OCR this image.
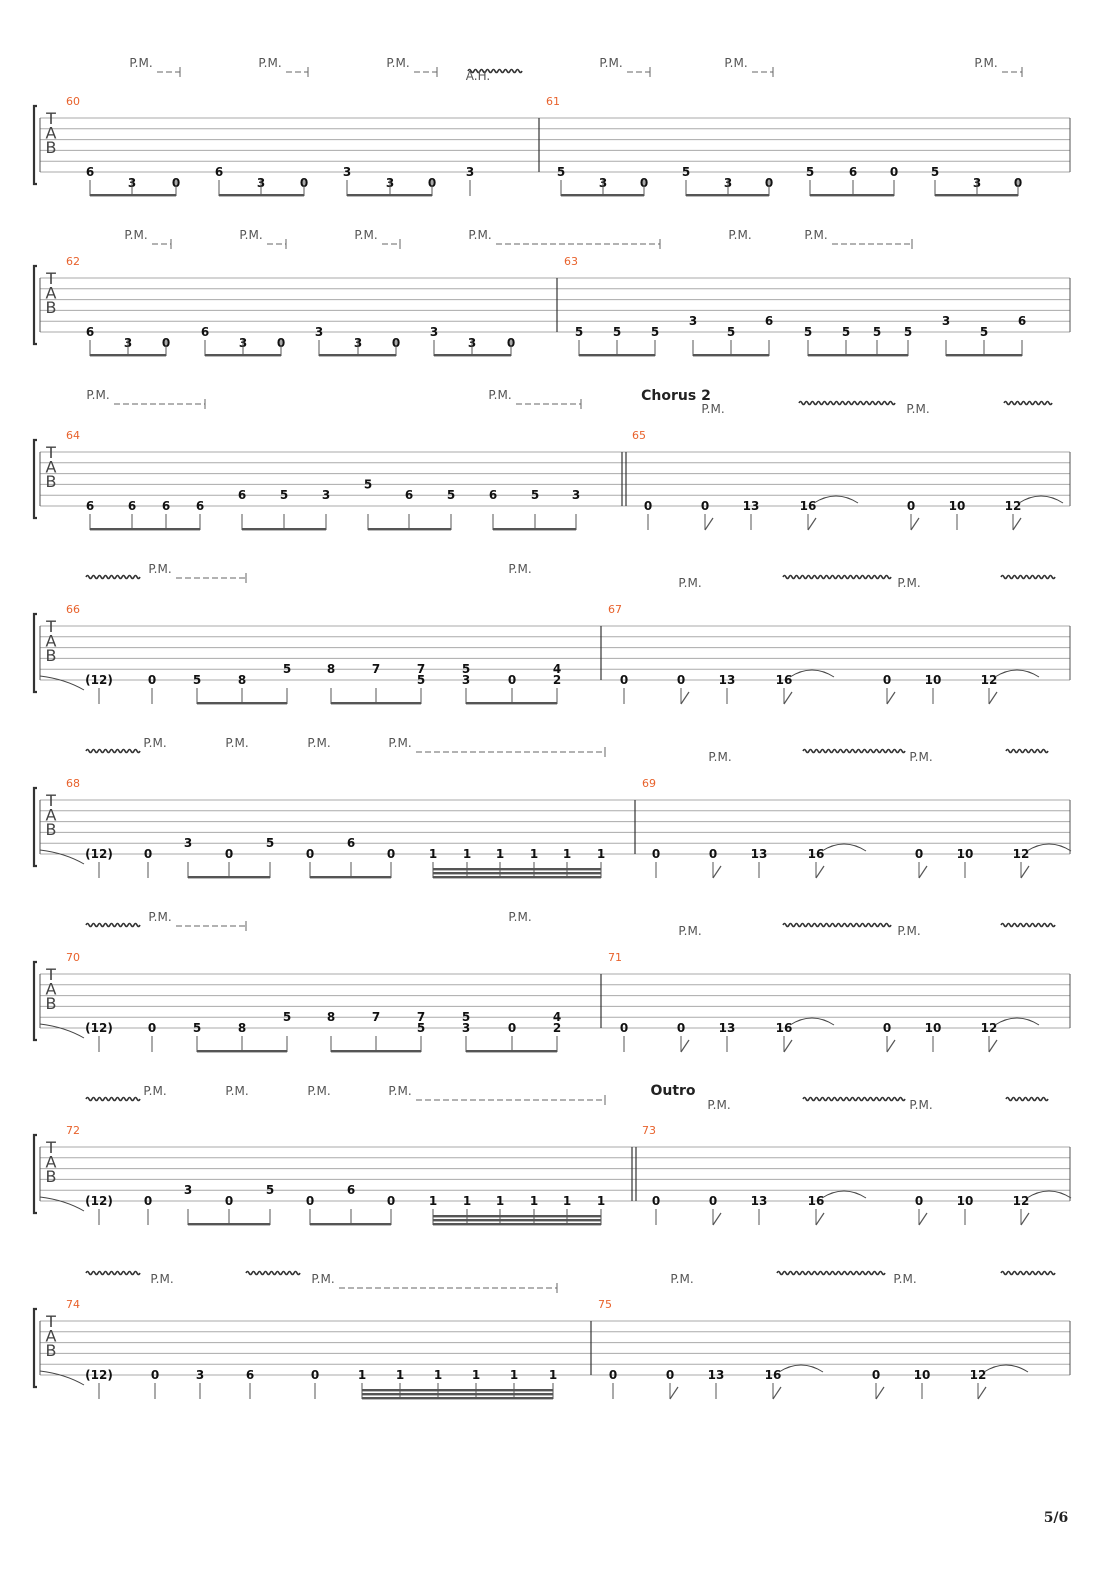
T
A
B
60	61
6
3	0
6
3	0
3
3	0
3	5
3	0
5
3	0
5	6	0	5
3	0
P.M.	P.M.	P.M.	P.M.	P.M.	P.M.
T
A
B
62	63
6
3 0
6
3 0
3
3 0
3
3	0
5 5 5
3
5
6
5 5 5 5
3
5
6
P.M.	P.M.	P.M.	P.M.	P.M.	P.M.
T
A
B
64	65
Chorus 2
6	6 6 6
6	5	3
5
6	5	6	5	3
0	0	13	16	0	10	12
P.M.	P.M.
P.M.	P.M.
T
A
B
66	67
(12)	0	5	8
5	8	7	7
5
5
3	0
4
2	0	0	13	16	0	10	12
P.M.	P.M.
P.M.	P.M.
T
A
B
68	69
(12)	0
3
0
5
0
6
0	1 1 1 1 1 1	0	0	13	16	0	10	12
P.M.	P.M.	P.M.	P.M.
P.M.	P.M.
T
A
B
70	71
(12)	0	5	8
5	8	7	7
5
5
3	0
4
2	0	0	13	16	0	10	12
P.M.	P.M.
P.M.	P.M.
T
A
B
72	73
Outro
(12)	0
3
0
5
0
6
0	1 1 1 1 1 1	0	0	13	16	0	10	12
P.M.	P.M.	P.M.	P.M.
P.M.	P.M.
T
A
B
74	75
(12)	0	3	6	0	1 1 1 1 1	1	0	0	13	16	0	10	12
P.M.	P.M.	P.M.	P.M.
A.H.
5/6
